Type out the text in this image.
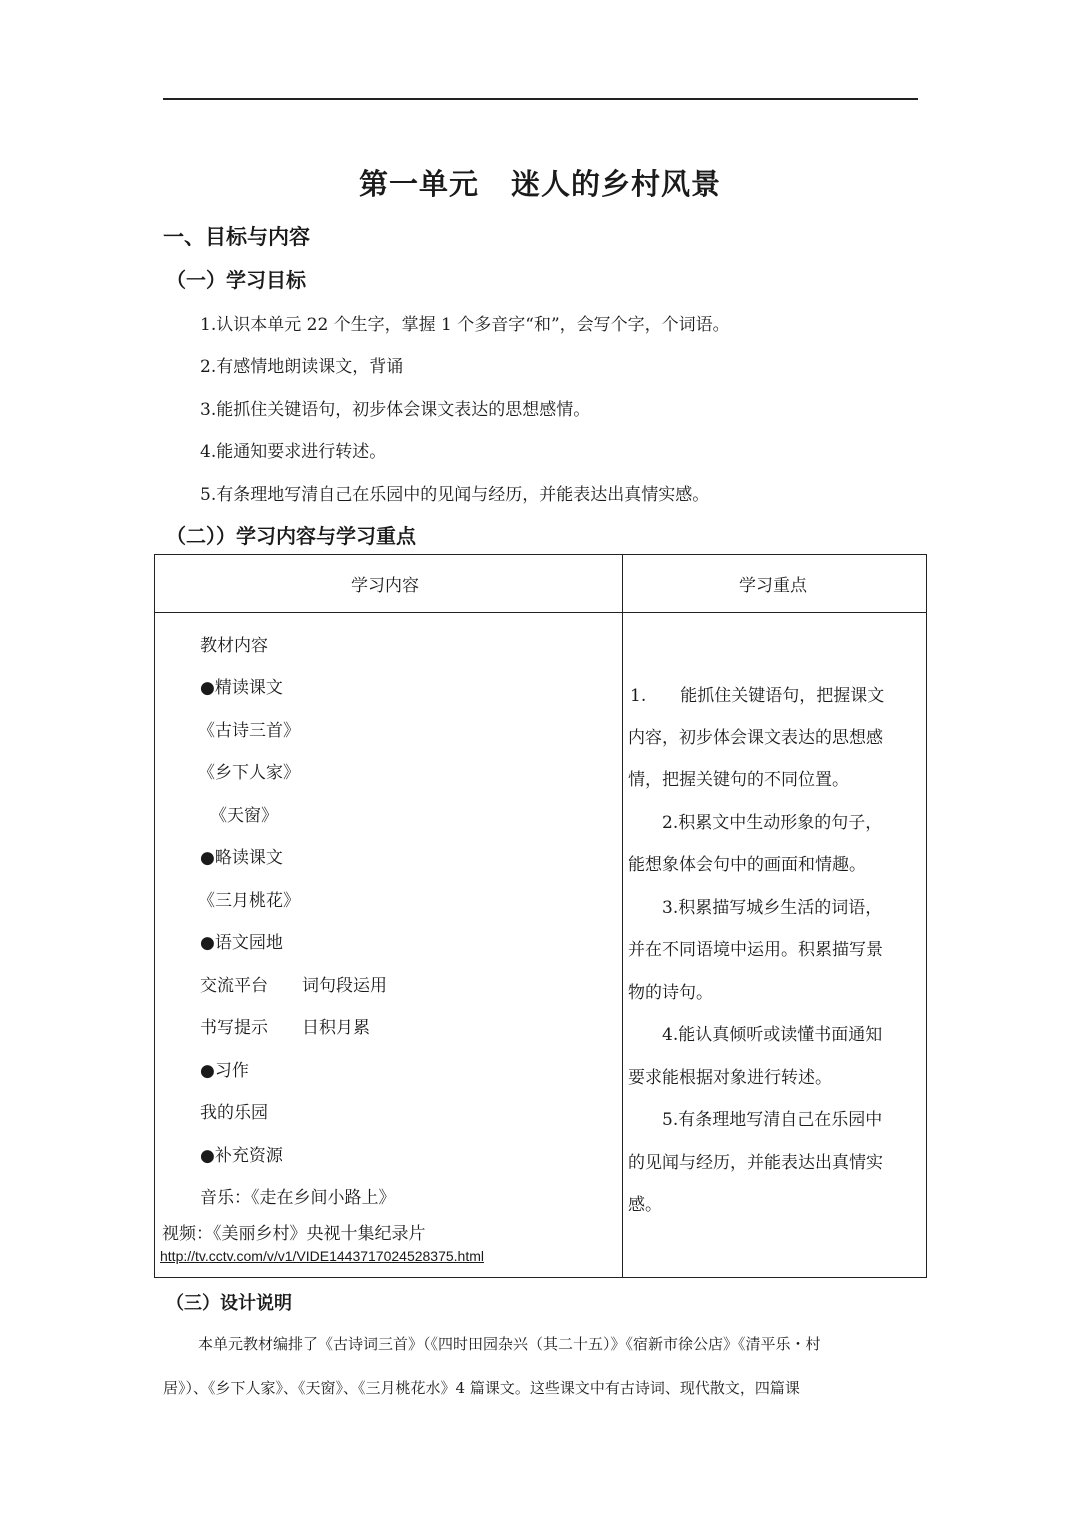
第一单元 迷人的乡村风景
一、目标与内容
（一）学习目标
1.认识本单元 22 个生字，掌握 1 个多音字“和”，会写个字，个词语。
2.有感情地朗读课文，背诵
3.能抓住关键语句，初步体会课文表达的思想感情。
4.能通知要求进行转述。
5.有条理地写清自己在乐园中的见闻与经历，并能表达出真情实感。
（二））学习内容与学习重点
学习内容	学习重点
教材内容
●精读课文
《古诗三首》
《乡下人家》
《天窗》
●略读课文
《三月桃花》
●语文园地
交流平台　　词句段运用
书写提示　　日积月累
●习作
我的乐园
●补充资源
音乐：《走在乡间小路上》
视频：《美丽乡村》央视十集纪录片
http://tv.cctv.com/v/v1/VIDE1443717024528375.html
1.　　能抓住关键语句，把握课文
内容，初步体会课文表达的思想感
情，把握关键句的不同位置。
　　2.积累文中生动形象的句子，
能想象体会句中的画面和情趣。
　　3.积累描写城乡生活的词语，
并在不同语境中运用。积累描写景
物的诗句。
　　4.能认真倾听或读懂书面通知
要求能根据对象进行转述。
　　5.有条理地写清自己在乐园中
的见闻与经历，并能表达出真情实
感。
（三）设计说明
本单元教材编排了《古诗词三首》（《四时田园杂兴（其二十五）》《宿新市徐公店》《清平乐・村
居》）、《乡下人家》、《天窗》、《三月桃花水》4 篇课文。这些课文中有古诗词、现代散文，四篇课
